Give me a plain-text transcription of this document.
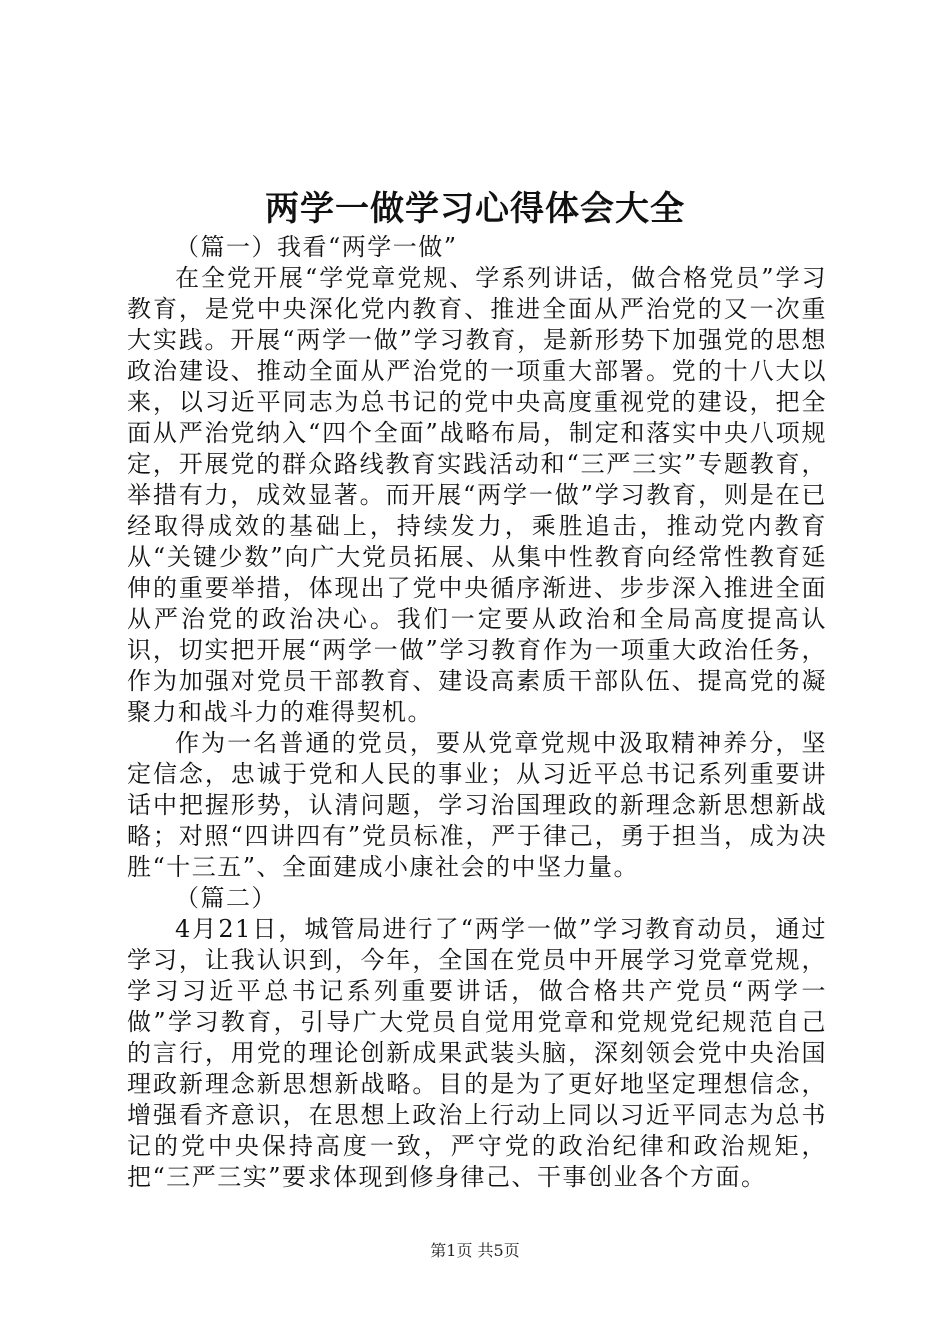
两学一做学习心得体会大全

（篇一）我看“两学一做”

在全党开展“学党章党规、学系列讲话，做合格党员”学习教育，是党中央深化党内教育、推进全面从严治党的又一次重大实践。开展“两学一做”学习教育，是新形势下加强党的思想政治建设、推动全面从严治党的一项重大部署。党的十八大以来，以习近平同志为总书记的党中央高度重视党的建设，把全面从严治党纳入“四个全面”战略布局，制定和落实中央八项规定，开展党的群众路线教育实践活动和“三严三实”专题教育，举措有力，成效显著。而开展“两学一做”学习教育，则是在已经取得成效的基础上，持续发力，乘胜追击，推动党内教育从“关键少数”向广大党员拓展、从集中性教育向经常性教育延伸的重要举措，体现出了党中央循序渐进、步步深入推进全面从严治党的政治决心。我们一定要从政治和全局高度提高认识，切实把开展“两学一做”学习教育作为一项重大政治任务，作为加强对党员干部教育、建设高素质干部队伍、提高党的凝聚力和战斗力的难得契机。

作为一名普通的党员，要从党章党规中汲取精神养分，坚定信念，忠诚于党和人民的事业；从习近平总书记系列重要讲话中把握形势，认清问题，学习治国理政的新理念新思想新战略；对照“四讲四有”党员标准，严于律己，勇于担当，成为决胜“十三五”、全面建成小康社会的中坚力量。

（篇二）

4月21日，城管局进行了“两学一做”学习教育动员，通过学习，让我认识到，今年，全国在党员中开展学习党章党规，学习习近平总书记系列重要讲话，做合格共产党员“两学一做”学习教育，引导广大党员自觉用党章和党规党纪规范自己的言行，用党的理论创新成果武装头脑，深刻领会党中央治国理政新理念新思想新战略。目的是为了更好地坚定理想信念，增强看齐意识，在思想上政治上行动上同以习近平同志为总书记的党中央保持高度一致，严守党的政治纪律和政治规矩，把“三严三实”要求体现到修身律己、干事创业各个方面。

第1页 共5页
